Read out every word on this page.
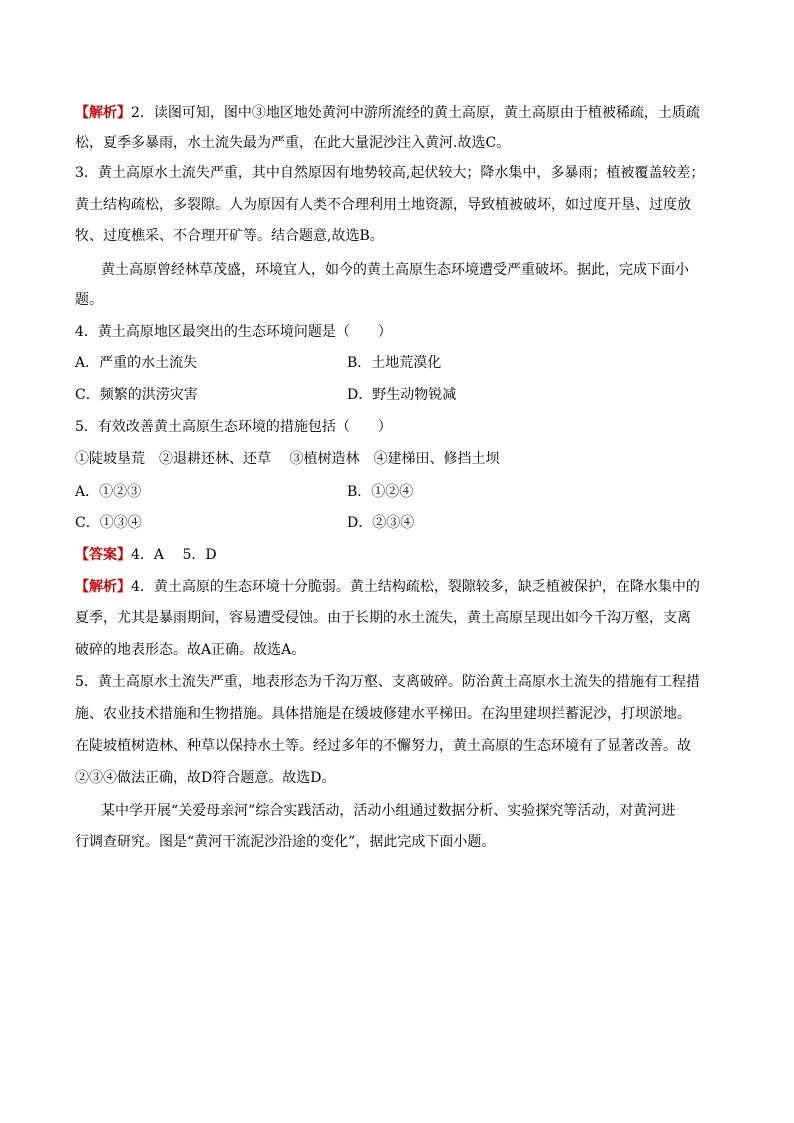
【解析】2．读图可知，图中③地区地处黄河中游所流经的黄土高原，黄土高原由于植被稀疏，土质疏
松，夏季多暴雨，水土流失最为严重，在此大量泥沙注入黄河.故选C。
3．黄土高原水土流失严重，其中自然原因有地势较高,起伏较大；降水集中，多暴雨；植被覆盖较差；
黄土结构疏松，多裂隙。人为原因有人类不合理利用土地资源，导致植被破坏，如过度开垦、过度放
牧、过度樵采、不合理开矿等。结合题意,故选B。
黄土高原曾经林草茂盛，环境宜人，如今的黄土高原生态环境遭受严重破坏。据此，完成下面小
题。
4．黄土高原地区最突出的生态环境问题是（　　）
A．严重的水土流失	B．土地荒漠化
C．频繁的洪涝灾害	D．野生动物锐减
5．有效改善黄土高原生态环境的措施包括（　　）
①陡坡垦荒　②退耕还林、还草　 ③植树造林　④建梯田、修挡土坝
A．①②③	B．①②④
C．①③④	D．②③④
【答案】4．A　 5．D
【解析】4．黄土高原的生态环境十分脆弱。黄土结构疏松，裂隙较多，缺乏植被保护，在降水集中的
夏季，尤其是暴雨期间，容易遭受侵蚀。由于长期的水土流失，黄土高原呈现出如今千沟万壑，支离
破碎的地表形态。故A正确。故选A。
5．黄土高原水土流失严重，地表形态为千沟万壑、支离破碎。防治黄土高原水土流失的措施有工程措
施、农业技术措施和生物措施。具体措施是在缓坡修建水平梯田。在沟里建坝拦蓄泥沙，打坝淤地。
在陡坡植树造林、种草以保持水土等。经过多年的不懈努力，黄土高原的生态环境有了显著改善。故
②③④做法正确，故D符合题意。故选D。
某中学开展“关爱母亲河”综合实践活动，活动小组通过数据分析、实验探究等活动，对黄河进
行调查研究。图是“黄河干流泥沙沿途的变化”，据此完成下面小题。
